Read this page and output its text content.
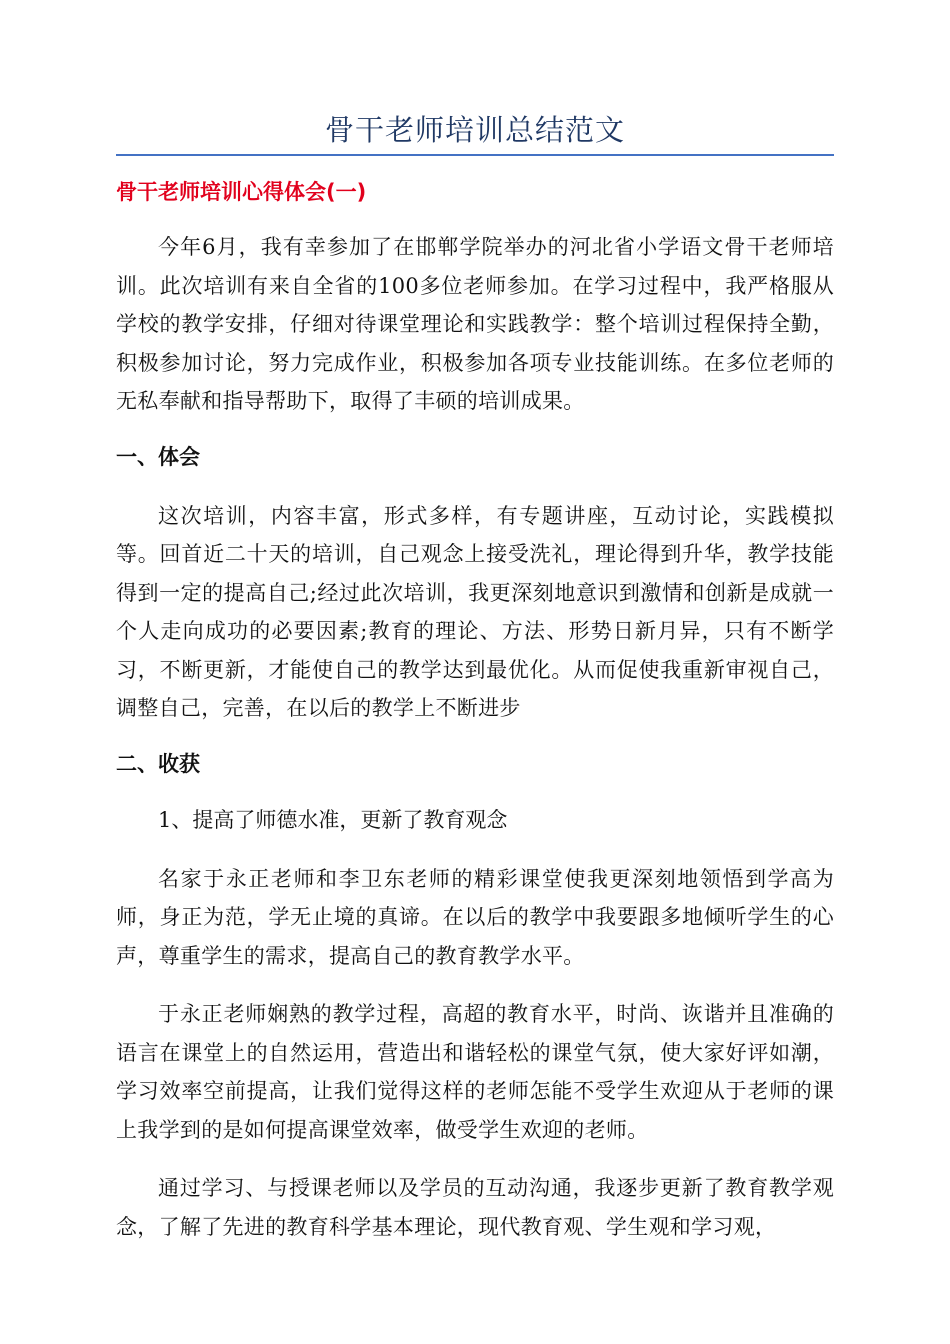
骨干老师培训总结范文
骨干老师培训心得体会(一)

今年6月，我有幸参加了在邯郸学院举办的河北省小学语文骨干老师培训。此次培训有来自全省的100多位老师参加。在学习过程中，我严格服从学校的教学安排，仔细对待课堂理论和实践教学：整个培训过程保持全勤，积极参加讨论，努力完成作业，积极参加各项专业技能训练。在多位老师的无私奉献和指导帮助下，取得了丰硕的培训成果。

一、体会

这次培训，内容丰富，形式多样，有专题讲座，互动讨论，实践模拟等。回首近二十天的培训，自己观念上接受洗礼，理论得到升华，教学技能得到一定的提高自己;经过此次培训，我更深刻地意识到激情和创新是成就一个人走向成功的必要因素;教育的理论、方法、形势日新月异，只有不断学习，不断更新，才能使自己的教学达到最优化。从而促使我重新审视自己，调整自己，完善，在以后的教学上不断进步

二、收获
1、提高了师德水准，更新了教育观念

名家于永正老师和李卫东老师的精彩课堂使我更深刻地领悟到学高为师，身正为范，学无止境的真谛。在以后的教学中我要跟多地倾听学生的心声，尊重学生的需求，提高自己的教育教学水平。

于永正老师娴熟的教学过程，高超的教育水平，时尚、诙谐并且准确的语言在课堂上的自然运用，营造出和谐轻松的课堂气氛，使大家好评如潮，学习效率空前提高，让我们觉得这样的老师怎能不受学生欢迎从于老师的课上我学到的是如何提高课堂效率，做受学生欢迎的老师。

通过学习、与授课老师以及学员的互动沟通，我逐步更新了教育教学观念，了解了先进的教育科学基本理论，现代教育观、学生观和学习观，
